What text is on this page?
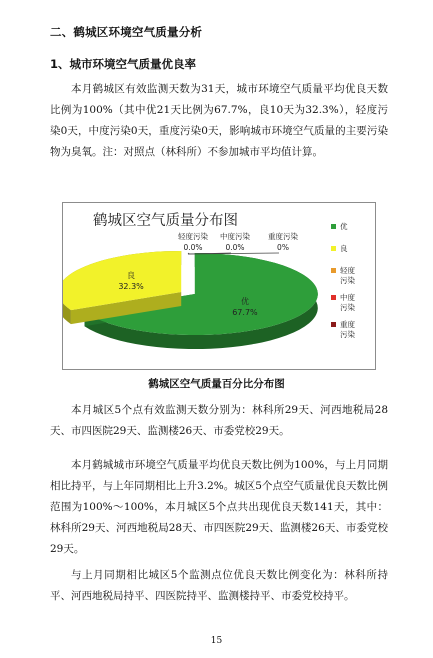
二、鹤城区环境空气质量分析
1、城市环境空气质量优良率

本月鹤城区有效监测天数为31天，城市环境空气质量平均优良天数比例为100%（其中优21天比例为67.7%，良10天为32.3%），轻度污染0天，中度污染0天，重度污染0天，影响城市环境空气质量的主要污染物为臭氧。注：对照点（林科所）不参加城市平均值计算。

鹤城区空气质量分布图
优
67.7%
良
32.3%
轻度污染
0.0%
中度污染
0.0%
重度污染
0%
优
良
轻度
污染
中度
污染
重度
污染
鹤城区空气质量百分比分布图

本月城区5个点有效监测天数分别为：林科所29天、河西地税局28天、市四医院29天、监测楼26天、市委党校29天。

本月鹤城城市环境空气质量平均优良天数比例为100%，与上月同期相比持平，与上年同期相比上升3.2%。城区5个点空气质量优良天数比例范围为100%～100%，本月城区5个点共出现优良天数141天，其中：林科所29天、河西地税局28天、市四医院29天、监测楼26天、市委党校29天。

与上月同期相比城区5个监测点位优良天数比例变化为：林科所持平、河西地税局持平、四医院持平、监测楼持平、市委党校持平。

15
